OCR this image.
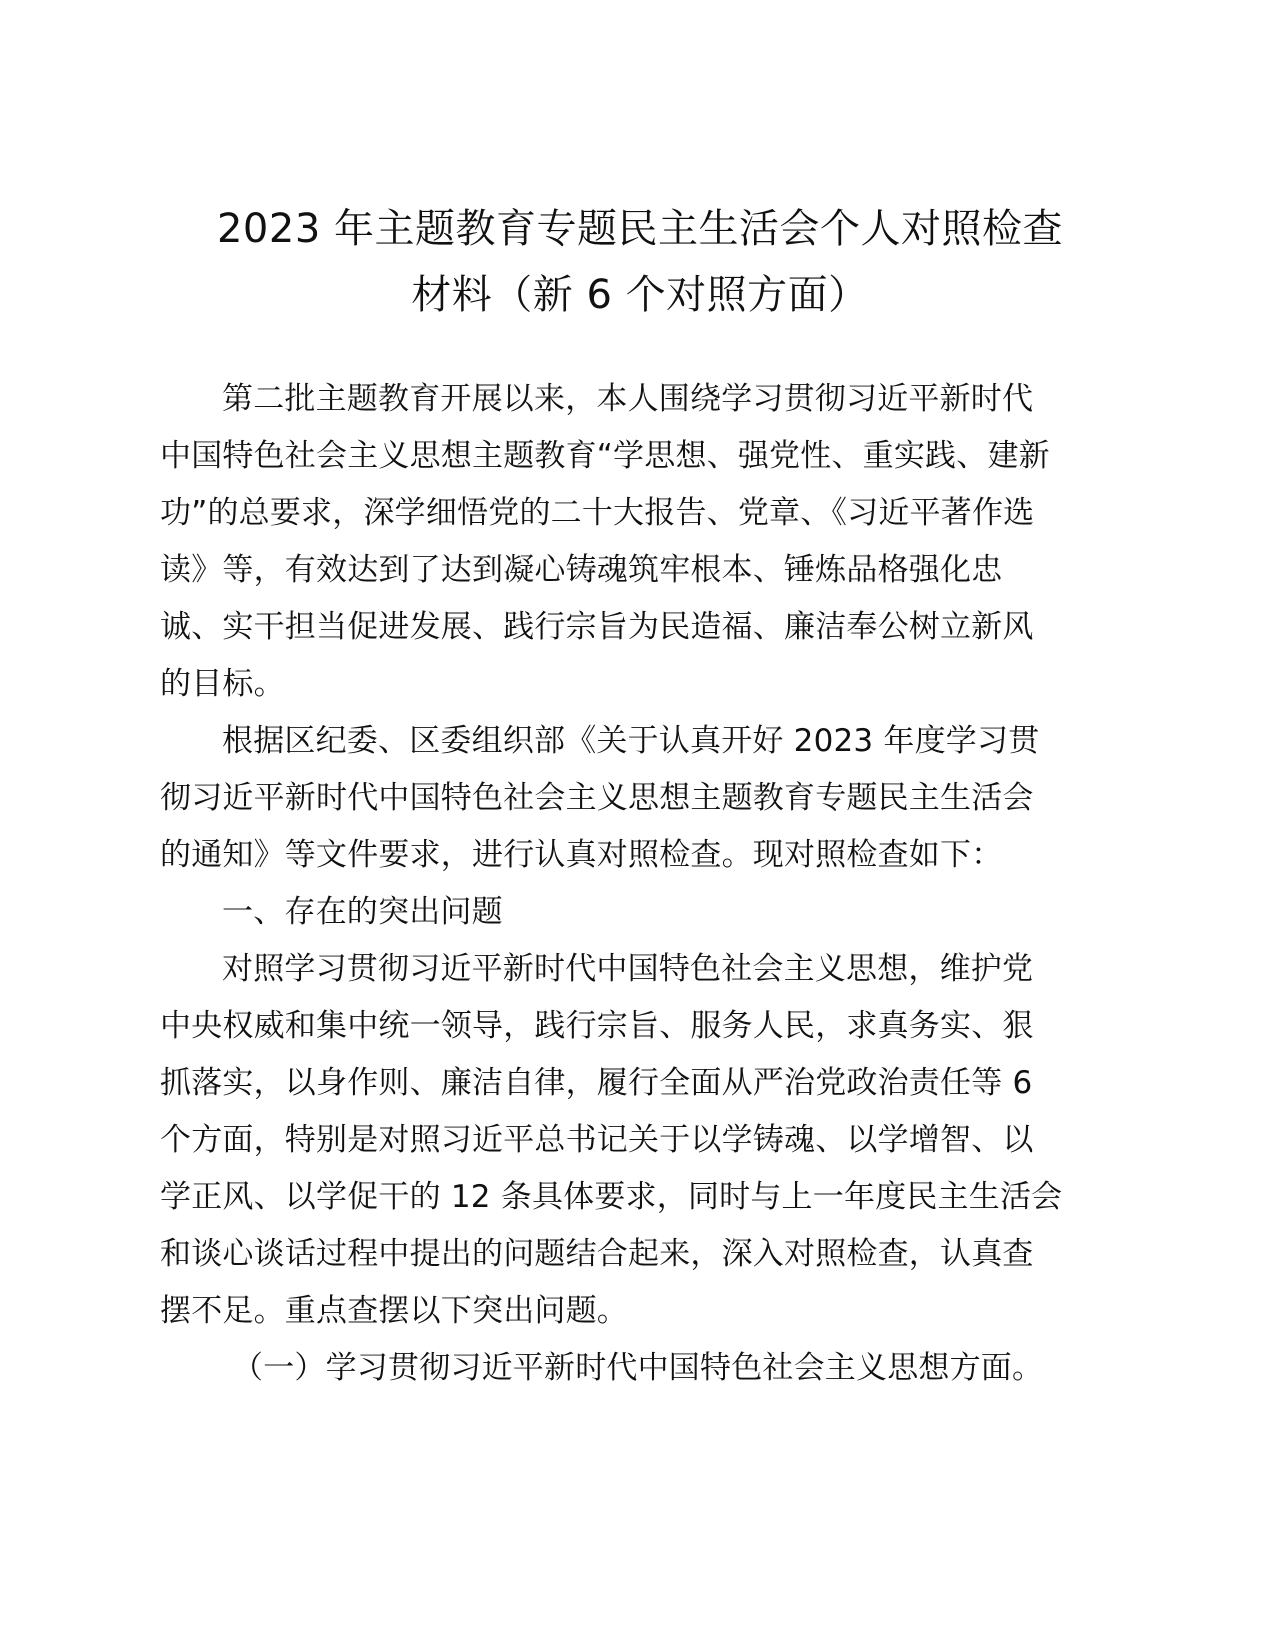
2023 年主题教育专题民主生活会个人对照检查
材料（新 6 个对照方面）
第二批主题教育开展以来，本人围绕学习贯彻习近平新时代
中国特色社会主义思想主题教育“学思想、强党性、重实践、建新
功”的总要求，深学细悟党的二十大报告、党章、《习近平著作选
读》等，有效达到了达到凝心铸魂筑牢根本、锤炼品格强化忠
诚、实干担当促进发展、践行宗旨为民造福、廉洁奉公树立新风
的目标。
根据区纪委、区委组织部《关于认真开好 2023 年度学习贯
彻习近平新时代中国特色社会主义思想主题教育专题民主生活会
的通知》等文件要求，进行认真对照检查。现对照检查如下：
一、存在的突出问题
对照学习贯彻习近平新时代中国特色社会主义思想，维护党
中央权威和集中统一领导，践行宗旨、服务人民，求真务实、狠
抓落实，以身作则、廉洁自律，履行全面从严治党政治责任等 6
个方面，特别是对照习近平总书记关于以学铸魂、以学增智、以
学正风、以学促干的 12 条具体要求，同时与上一年度民主生活会
和谈心谈话过程中提出的问题结合起来，深入对照检查，认真查
摆不足。重点查摆以下突出问题。
（一）学习贯彻习近平新时代中国特色社会主义思想方面。
